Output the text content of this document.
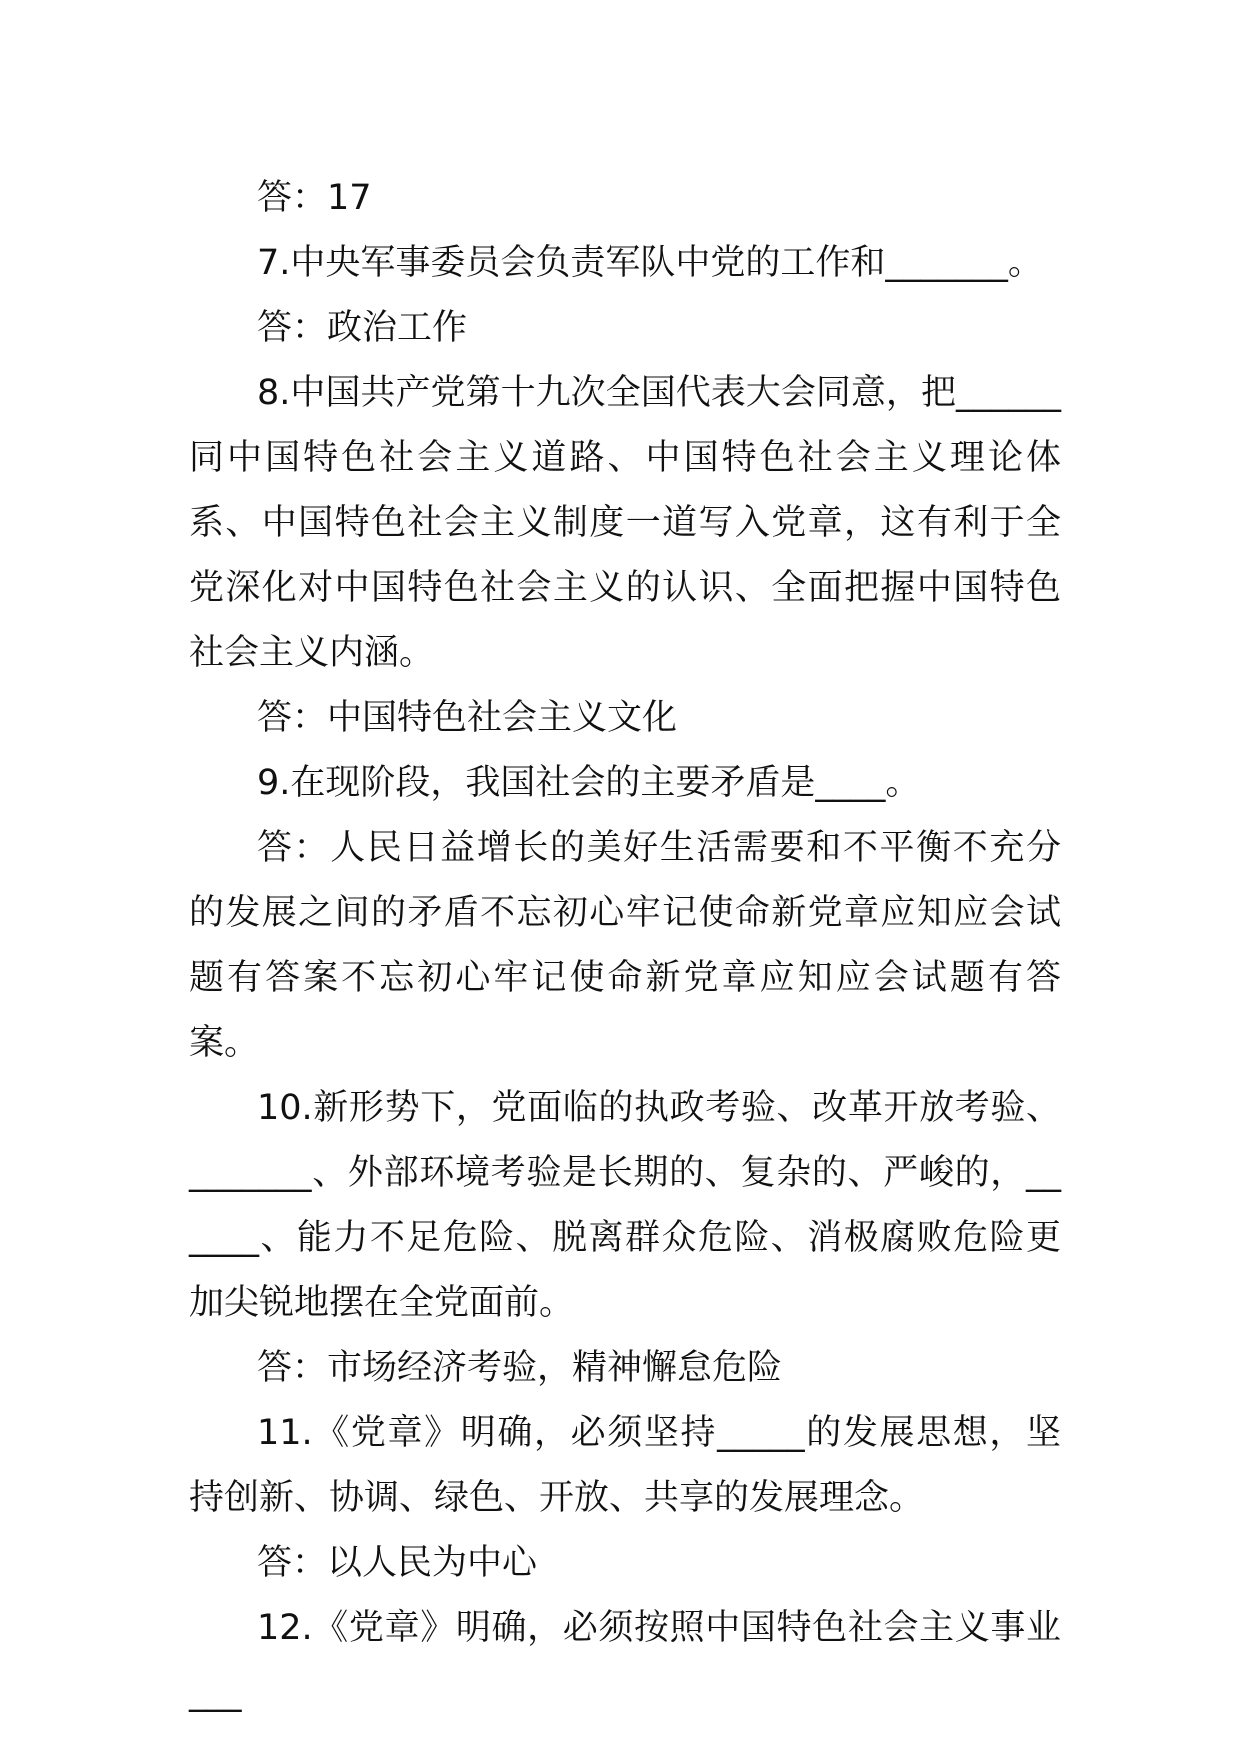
答：17

7.中央军事委员会负责军队中党的工作和_______。

答：政治工作

8.中国共产党第十九次全国代表大会同意，把______同中国特色社会主义道路、中国特色社会主义理论体系、中国特色社会主义制度一道写入党章，这有利于全党深化对中国特色社会主义的认识、全面把握中国特色社会主义内涵。

答：中国特色社会主义文化

9.在现阶段，我国社会的主要矛盾是____。

答：人民日益增长的美好生活需要和不平衡不充分的发展之间的矛盾不忘初心牢记使命新党章应知应会试题有答案不忘初心牢记使命新党章应知应会试题有答案。

10.新形势下，党面临的执政考验、改革开放考验、_______、外部环境考验是长期的、复杂的、严峻的，______、能力不足危险、脱离群众危险、消极腐败危险更加尖锐地摆在全党面前。

答：市场经济考验，精神懈怠危险

11.《党章》明确，必须坚持_____的发展思想，坚持创新、协调、绿色、开放、共享的发展理念。

答：以人民为中心

12.《党章》明确，必须按照中国特色社会主义事业___
